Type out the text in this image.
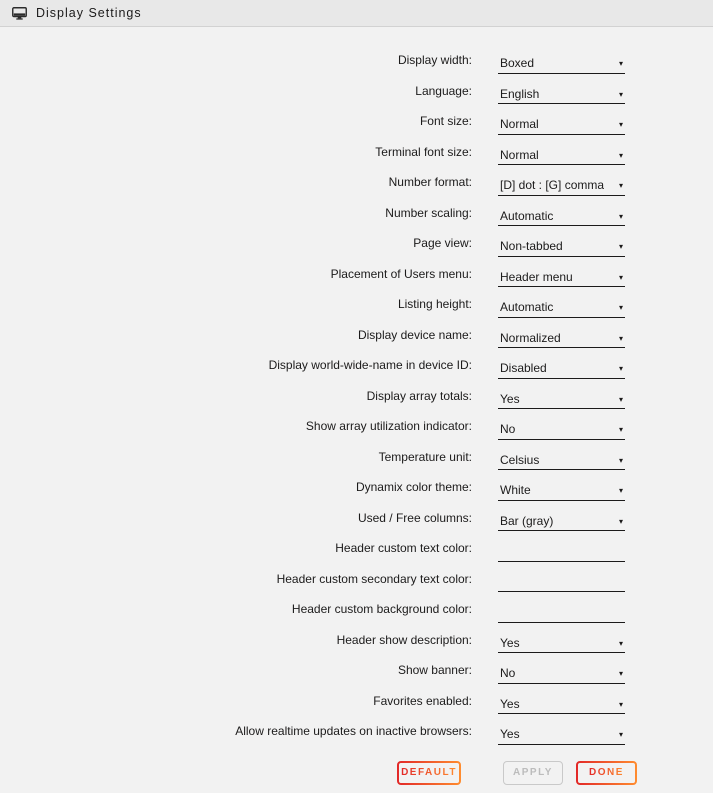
Display Settings
Display width: Boxed	▾
Language: English	▾
Font size: Normal	▾
Terminal font size: Normal	▾
Number format: [D] dot : [G] comma ▾
Number scaling: Automatic	▾
Page view: Non-tabbed	▾
Placement of Users menu: Header menu	▾
Listing height: Automatic	▾
Display device name: Normalized	▾
Display world-wide-name in device ID: Disabled	▾
Display array totals: Yes	▾
Show array utilization indicator: No	▾
Temperature unit: Celsius	▾
Dynamix color theme: White	▾
Used / Free columns: Bar (gray)	▾
Header custom text color:
Header custom secondary text color:
Header custom background color:
Header show description: Yes	▾
Show banner: No	▾
Favorites enabled: Yes	▾
Allow realtime updates on inactive browsers: Yes	▾
DEFAULT	APPLY	DONE
